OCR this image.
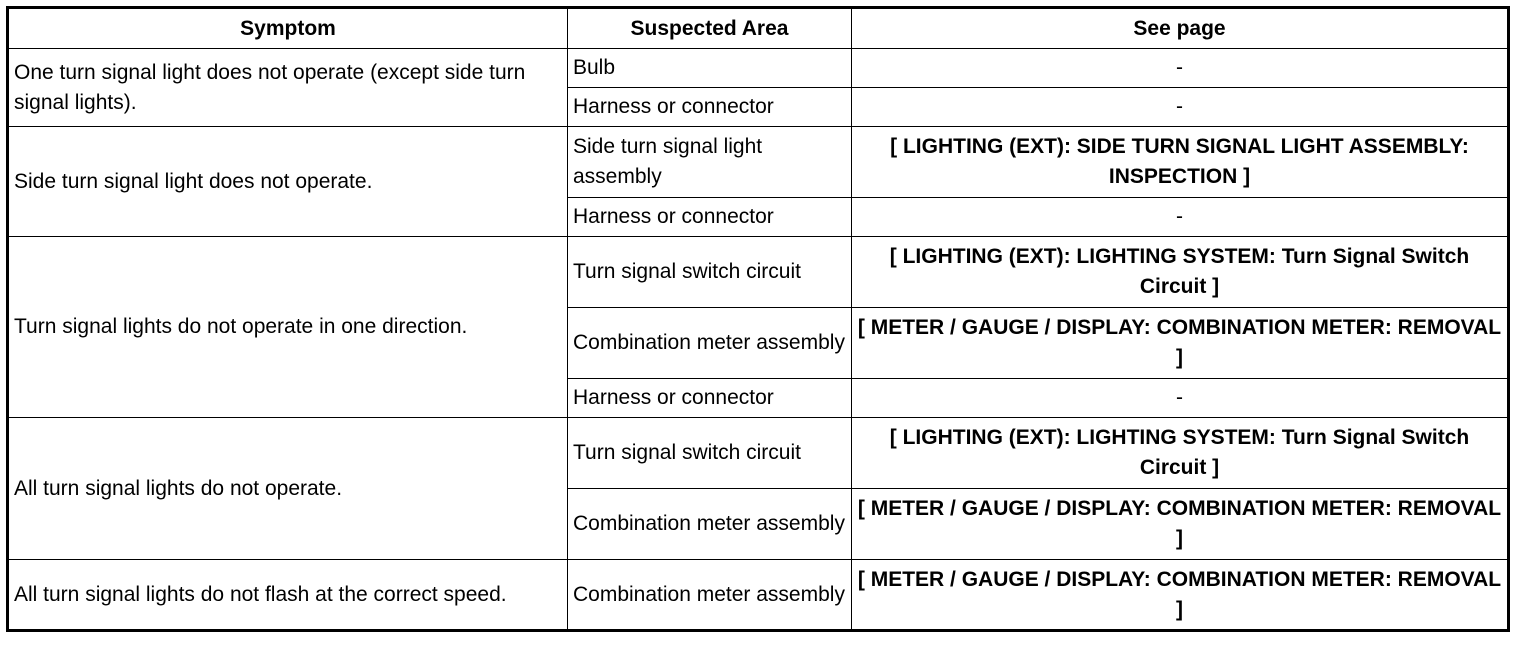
Symptom	Suspected Area	See page
One turn signal light does not operate (except side turn signal lights).	Bulb	-
	Harness or connector	-
Side turn signal light does not operate.	Side turn signal light assembly	[ LIGHTING (EXT): SIDE TURN SIGNAL LIGHT ASSEMBLY: INSPECTION ]
	Harness or connector	-
Turn signal lights do not operate in one direction.	Turn signal switch circuit	[ LIGHTING (EXT): LIGHTING SYSTEM: Turn Signal Switch Circuit ]
	Combination meter assembly	[ METER / GAUGE / DISPLAY: COMBINATION METER: REMOVAL ]
	Harness or connector	-
All turn signal lights do not operate.	Turn signal switch circuit	[ LIGHTING (EXT): LIGHTING SYSTEM: Turn Signal Switch Circuit ]
	Combination meter assembly	[ METER / GAUGE / DISPLAY: COMBINATION METER: REMOVAL ]
All turn signal lights do not flash at the correct speed.	Combination meter assembly	[ METER / GAUGE / DISPLAY: COMBINATION METER: REMOVAL ]
